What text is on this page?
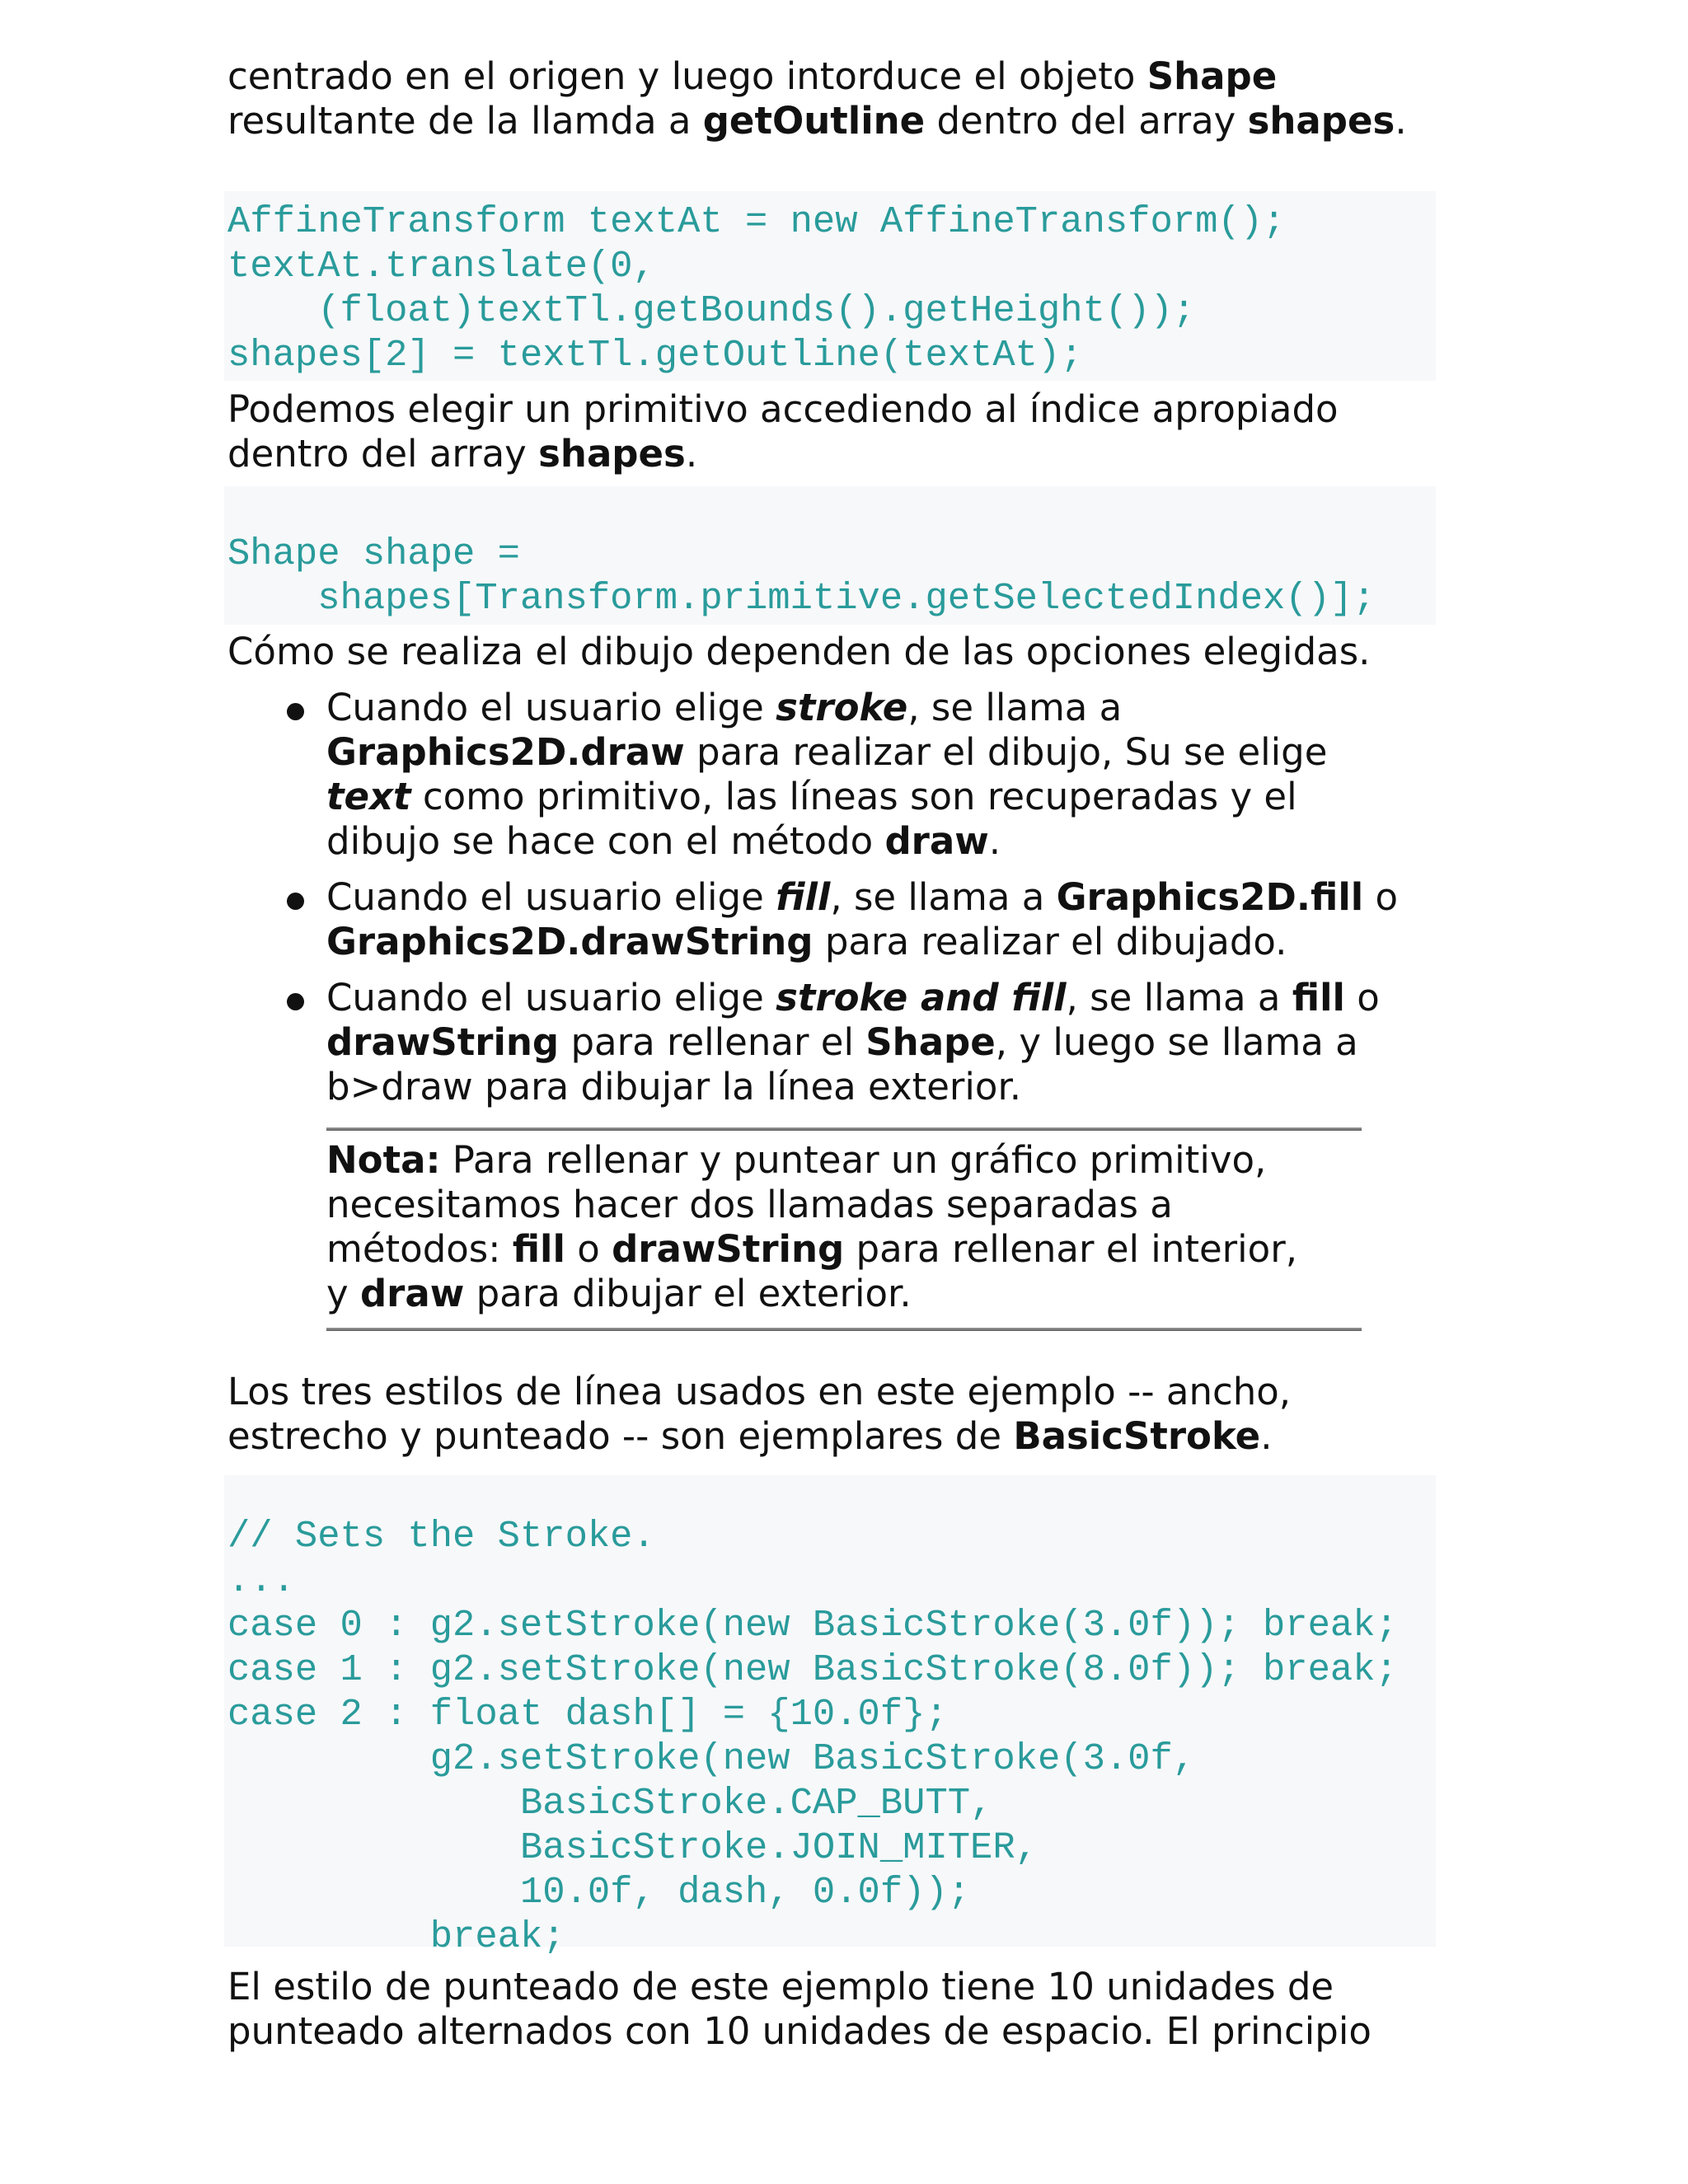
centrado en el origen y luego intorduce el objeto Shape
resultante de la llamda a getOutline dentro del array shapes.
AffineTransform textAt = new AffineTransform();
textAt.translate(0,
(float)textTl.getBounds().getHeight());
shapes[2] = textTl.getOutline(textAt);
Podemos elegir un primitivo accediendo al índice apropiado
dentro del array shapes.
Shape shape =
shapes[Transform.primitive.getSelectedIndex()];
Cómo se realiza el dibujo dependen de las opciones elegidas.
Cuando el usuario elige stroke, se llama a
Graphics2D.draw para realizar el dibujo, Su se elige
text como primitivo, las líneas son recuperadas y el
dibujo se hace con el método draw.
Cuando el usuario elige fill, se llama a Graphics2D.fill o
Graphics2D.drawString para realizar el dibujado.
Cuando el usuario elige stroke and fill, se llama a fill o
drawString para rellenar el Shape, y luego se llama a
b>draw para dibujar la línea exterior.
Nota: Para rellenar y puntear un gráfico primitivo,
necesitamos hacer dos llamadas separadas a
métodos: fill o drawString para rellenar el interior,
y draw para dibujar el exterior.
Los tres estilos de línea usados en este ejemplo -- ancho,
estrecho y punteado -- son ejemplares de BasicStroke.
// Sets the Stroke.
...
case 0 : g2.setStroke(new BasicStroke(3.0f)); break;
case 1 : g2.setStroke(new BasicStroke(8.0f)); break;
case 2 : float dash[] = {10.0f};
g2.setStroke(new BasicStroke(3.0f,
BasicStroke.CAP_BUTT,
BasicStroke.JOIN_MITER,
10.0f, dash, 0.0f));
break;
El estilo de punteado de este ejemplo tiene 10 unidades de
punteado alternados con 10 unidades de espacio. El principio
